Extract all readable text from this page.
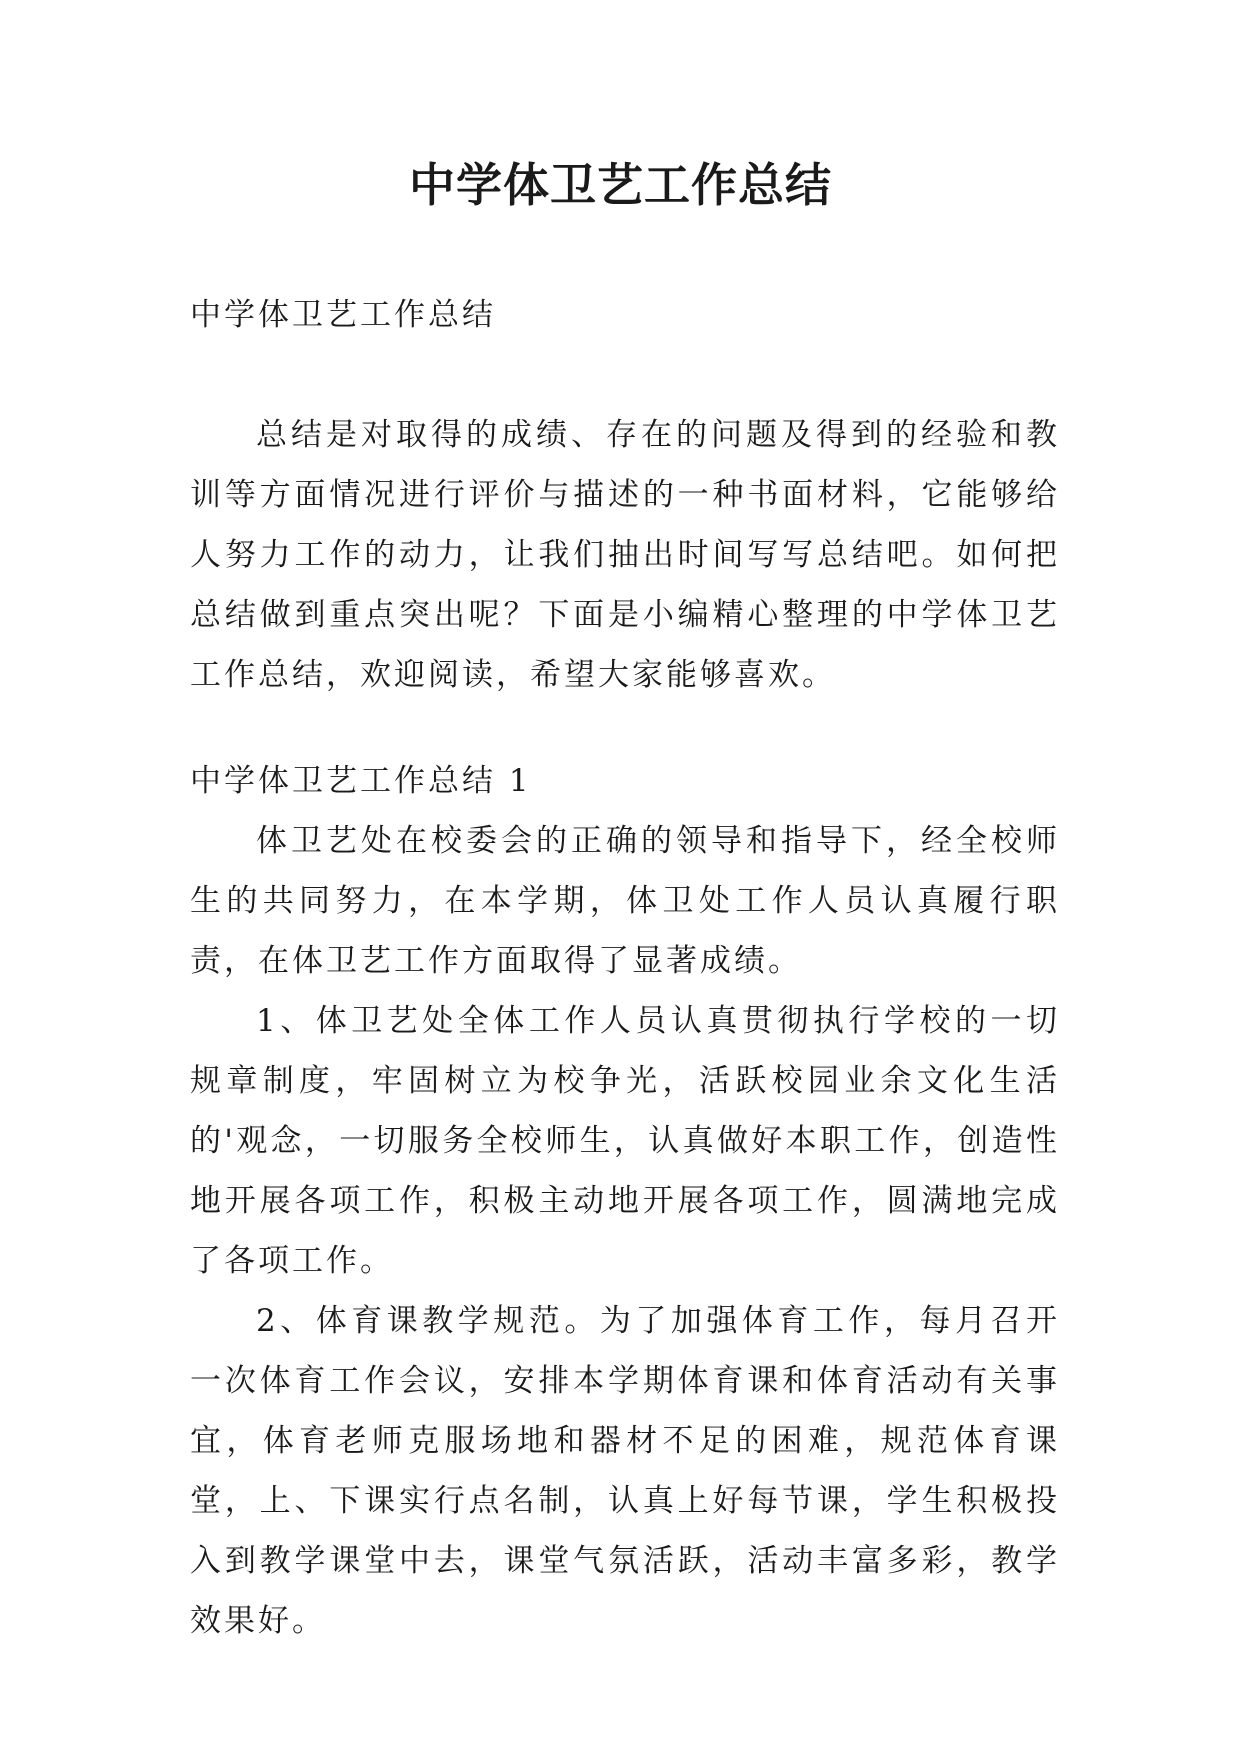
中学体卫艺工作总结

中学体卫艺工作总结

总结是对取得的成绩、存在的问题及得到的经验和教训等方面情况进行评价与描述的一种书面材料，它能够给人努力工作的动力，让我们抽出时间写写总结吧。如何把总结做到重点突出呢？下面是小编精心整理的中学体卫艺工作总结，欢迎阅读，希望大家能够喜欢。

中学体卫艺工作总结 1

体卫艺处在校委会的正确的领导和指导下，经全校师生的共同努力，在本学期，体卫处工作人员认真履行职责，在体卫艺工作方面取得了显著成绩。

1、体卫艺处全体工作人员认真贯彻执行学校的一切规章制度，牢固树立为校争光，活跃校园业余文化生活的'观念，一切服务全校师生，认真做好本职工作，创造性地开展各项工作，积极主动地开展各项工作，圆满地完成了各项工作。

2、体育课教学规范。为了加强体育工作，每月召开一次体育工作会议，安排本学期体育课和体育活动有关事宜，体育老师克服场地和器材不足的困难，规范体育课堂，上、下课实行点名制，认真上好每节课，学生积极投入到教学课堂中去，课堂气氛活跃，活动丰富多彩，教学效果好。
